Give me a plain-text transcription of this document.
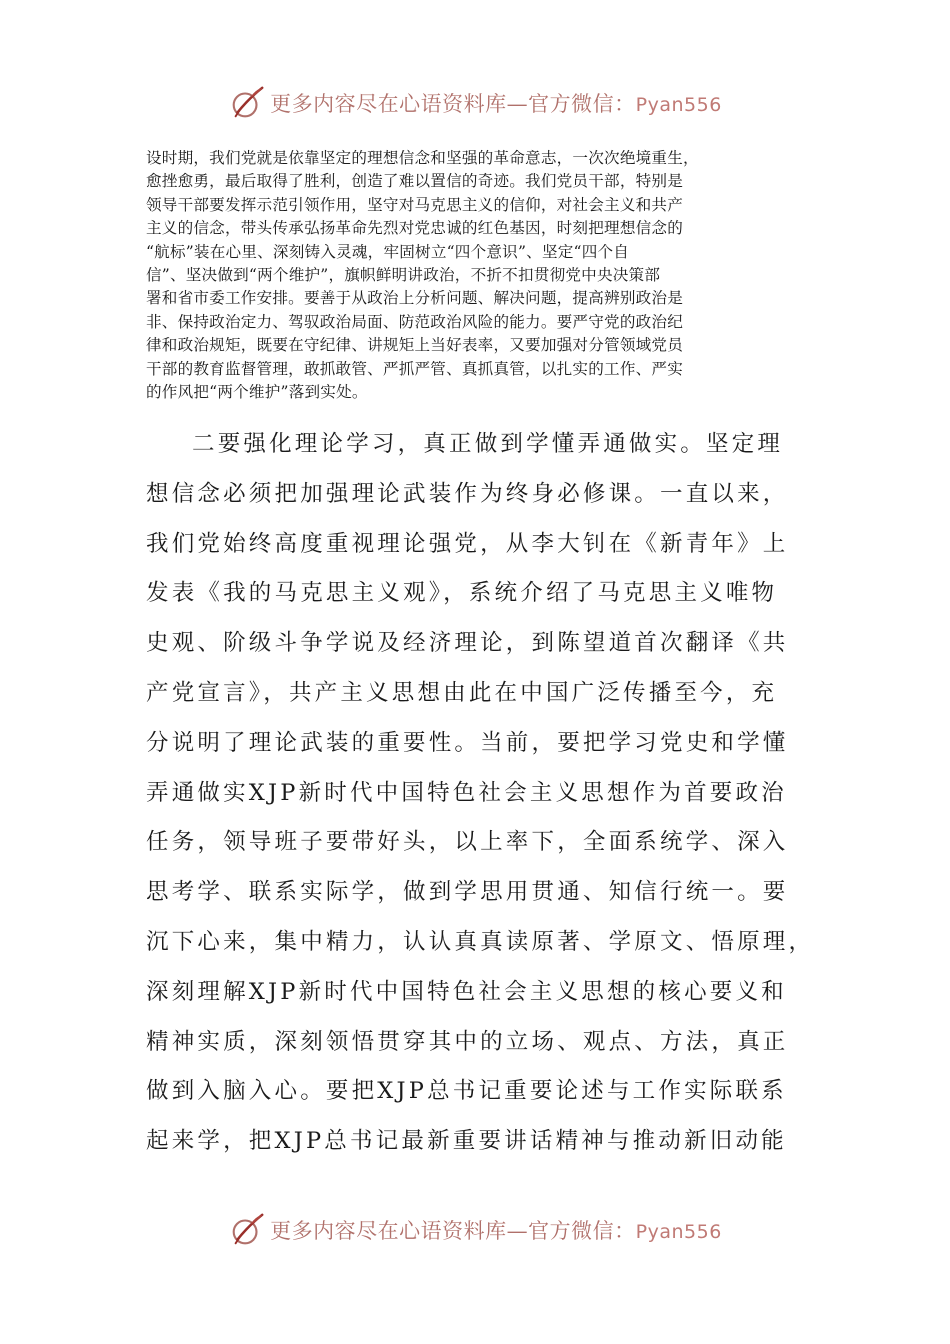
更多内容尽在心语资料库—官方微信：Pyan556
设时期，我们党就是依靠坚定的理想信念和坚强的革命意志，一次次绝境重生，
愈挫愈勇，最后取得了胜利，创造了难以置信的奇迹。我们党员干部，特别是
领导干部要发挥示范引领作用，坚守对马克思主义的信仰，对社会主义和共产
主义的信念，带头传承弘扬革命先烈对党忠诚的红色基因，时刻把理想信念的
“航标”装在心里、深刻铸入灵魂，牢固树立“四个意识”、坚定“四个自
信”、坚决做到“两个维护”，旗帜鲜明讲政治，不折不扣贯彻党中央决策部
署和省市委工作安排。要善于从政治上分析问题、解决问题，提高辨别政治是
非、保持政治定力、驾驭政治局面、防范政治风险的能力。要严守党的政治纪
律和政治规矩，既要在守纪律、讲规矩上当好表率，又要加强对分管领域党员
干部的教育监督管理，敢抓敢管、严抓严管、真抓真管，以扎实的工作、严实
的作风把“两个维护”落到实处。
二要强化理论学习，真正做到学懂弄通做实。坚定理
想信念必须把加强理论武装作为终身必修课。一直以来，
我们党始终高度重视理论强党，从李大钊在《新青年》上
发表《我的马克思主义观》，系统介绍了马克思主义唯物
史观、阶级斗争学说及经济理论，到陈望道首次翻译《共
产党宣言》，共产主义思想由此在中国广泛传播至今，充
分说明了理论武装的重要性。当前，要把学习党史和学懂
弄通做实XJP新时代中国特色社会主义思想作为首要政治
任务，领导班子要带好头，以上率下，全面系统学、深入
思考学、联系实际学，做到学思用贯通、知信行统一。要
沉下心来，集中精力，认认真真读原著、学原文、悟原理，
深刻理解XJP新时代中国特色社会主义思想的核心要义和
精神实质，深刻领悟贯穿其中的立场、观点、方法，真正
做到入脑入心。要把XJP总书记重要论述与工作实际联系
起来学，把XJP总书记最新重要讲话精神与推动新旧动能
更多内容尽在心语资料库—官方微信：Pyan556
